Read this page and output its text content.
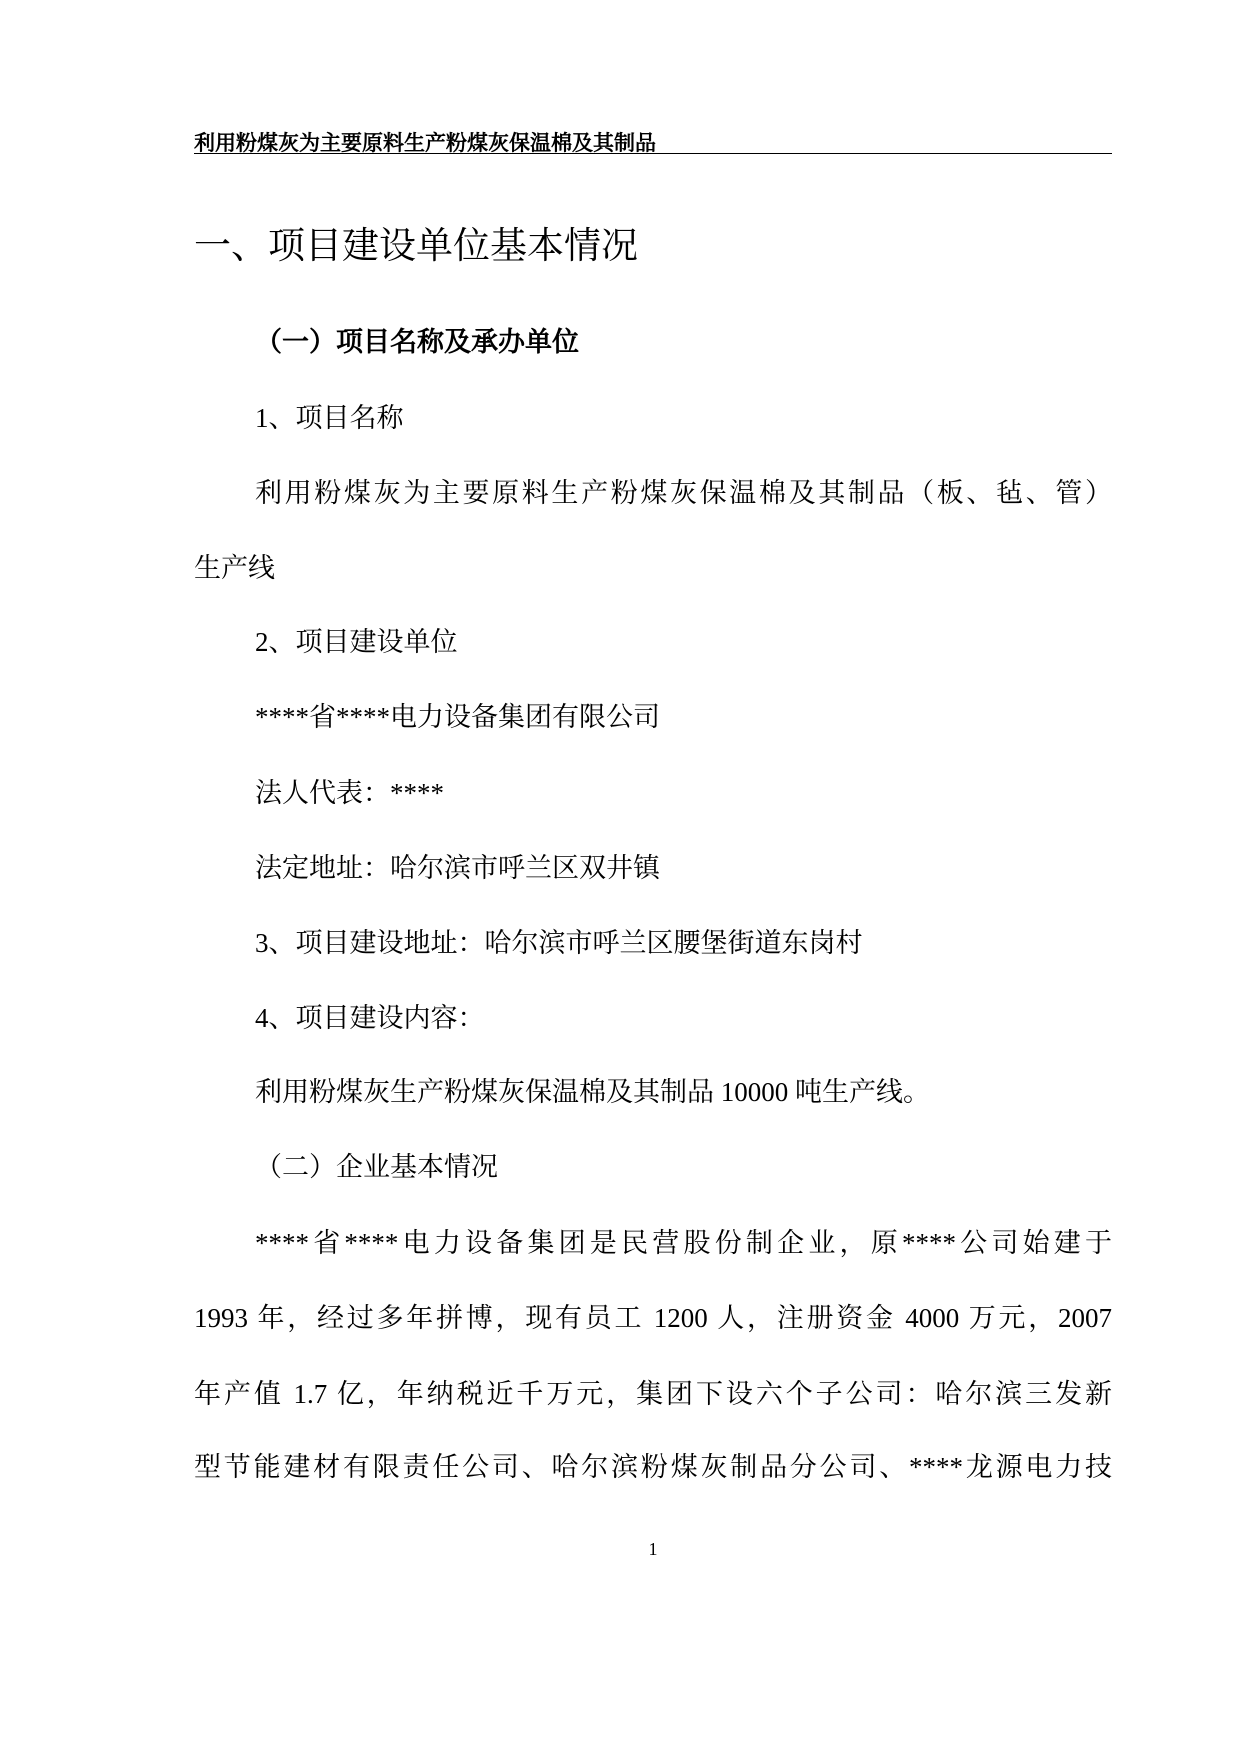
利用粉煤灰为主要原料生产粉煤灰保温棉及其制品
一、项目建设单位基本情况
（一）项目名称及承办单位
1、项目名称
利用粉煤灰为主要原料生产粉煤灰保温棉及其制品（板、毡、管）
生产线
2、项目建设单位
****省****电力设备集团有限公司
法人代表：****
法定地址：哈尔滨市呼兰区双井镇
3、项目建设地址：哈尔滨市呼兰区腰堡街道东岗村
4、项目建设内容：
利用粉煤灰生产粉煤灰保温棉及其制品 10000 吨生产线。
（二）企业基本情况
****省****电力设备集团是民营股份制企业，原****公司始建于
1993 年，经过多年拼博，现有员工 1200 人，注册资金 4000 万元，2007
年产值 1.7 亿，年纳税近千万元，集团下设六个子公司：哈尔滨三发新
型节能建材有限责任公司、哈尔滨粉煤灰制品分公司、****龙源电力技
1
